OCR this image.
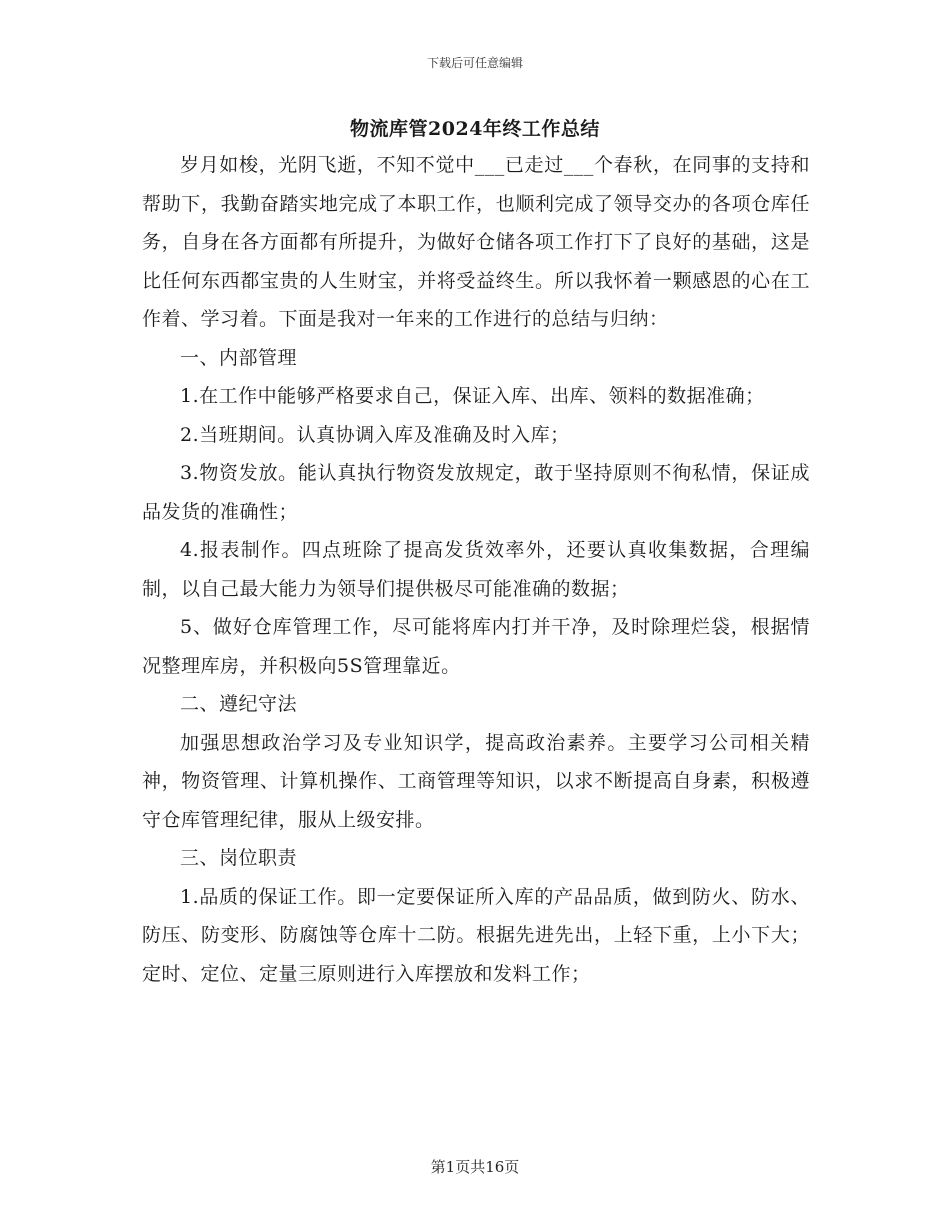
下载后可任意编辑
物流库管2024年终工作总结

岁月如梭，光阴飞逝，不知不觉中___已走过___个春秋，在同事的支持和帮助下，我勤奋踏实地完成了本职工作，也顺利完成了领导交办的各项仓库任务，自身在各方面都有所提升，为做好仓储各项工作打下了良好的基础，这是比任何东西都宝贵的人生财宝，并将受益终生。所以我怀着一颗感恩的心在工作着、学习着。下面是我对一年来的工作进行的总结与归纳：

一、内部管理

1.在工作中能够严格要求自己，保证入库、出库、领料的数据准确；

2.当班期间。认真协调入库及准确及时入库；

3.物资发放。能认真执行物资发放规定，敢于坚持原则不徇私情，保证成品发货的准确性；

4.报表制作。四点班除了提高发货效率外，还要认真收集数据，合理编制，以自己最大能力为领导们提供极尽可能准确的数据；

5、做好仓库管理工作，尽可能将库内打并干净，及时除理烂袋，根据情况整理库房，并积极向5S管理靠近。

二、遵纪守法

加强思想政治学习及专业知识学，提高政治素养。主要学习公司相关精神，物资管理、计算机操作、工商管理等知识，以求不断提高自身素，积极遵守仓库管理纪律，服从上级安排。

三、岗位职责

1.品质的保证工作。即一定要保证所入库的产品品质，做到防火、防水、防压、防变形、防腐蚀等仓库十二防。根据先进先出，上轻下重，上小下大；定时、定位、定量三原则进行入库摆放和发料工作；

第1页共16页
